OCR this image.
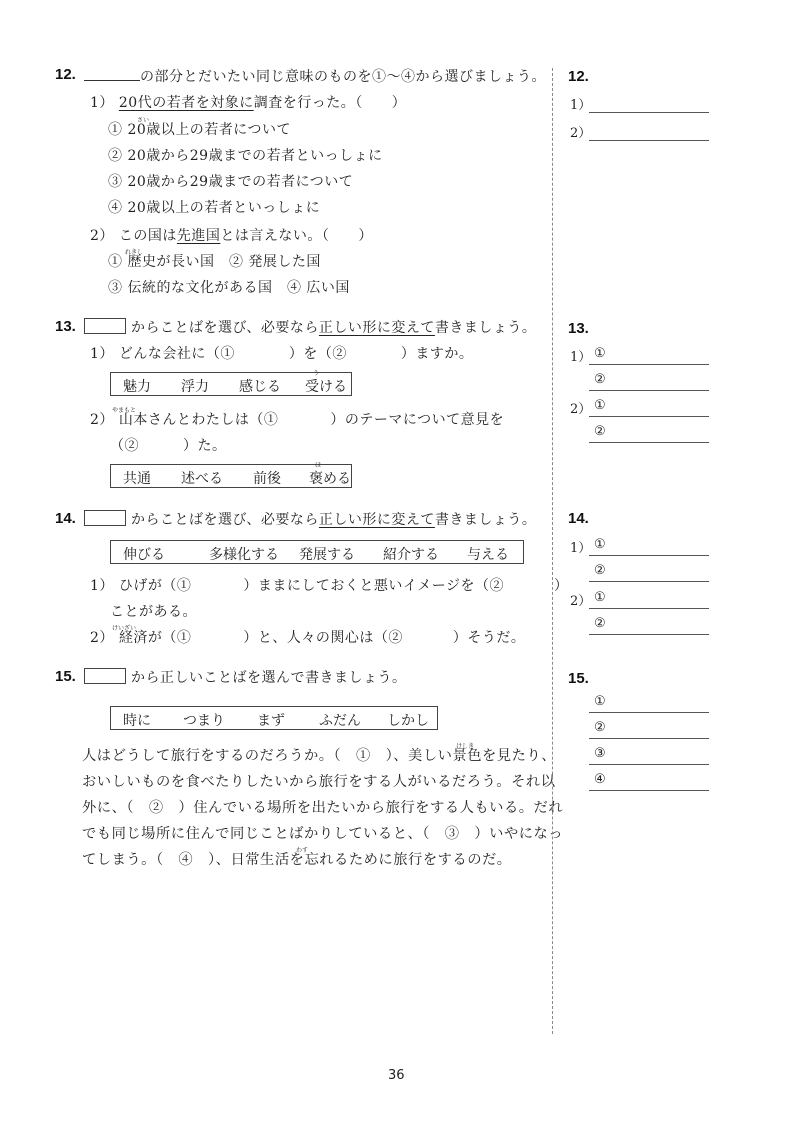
12.	の部分とだいたい同じ意味のものを①〜④から選びましょう。
1） 20代の若者を対象に調査を行った。（　　）
さい
① 20歳以上の若者について
② 20歳から29歳までの若者といっしょに
③ 20歳から29歳までの若者について
④ 20歳以上の若者といっしょに
2） この国は先進国とは言えない。（　　）
れきし
① 歴史が長い国　 ② 発展した国
③ 伝統的な文化がある国　 ④ 広い国
13.	からことばを選び、必要なら正しい形に変えて書きましょう。
1） どんな会社に（①	）を（②	）ますか。
魅力 浮力 感じる 受ける
う
やまもと
2） 山本さんとわたしは（①	）のテーマについて意見を
（②	）た。
共通 述べる 前後 褒める
ほ
14.	からことばを選び、必要なら正しい形に変えて書きましょう。
伸びる	多様化する 発展する 紹介する 与える
1） ひげが（①	）ままにしておくと悪いイメージを（②	）
ことがある。
けいざい
2） 経済が（①	）と、人々の関心は（②	）そうだ。
15.	から正しいことばを選んで書きましょう。
時に つまり まず ふだん しかし
けしき
人はどうして旅行をするのだろうか。（　①　）、美しい景色を見たり、
おいしいものを食べたりしたいから旅行をする人がいるだろう。それ以
外に、（　②　）住んでいる場所を出たいから旅行をする人もいる。だれ
でも同じ場所に住んで同じことばかりしていると、（　③　）いやになっ
わす
てしまう。（　④　）、日常生活を忘れるために旅行をするのだ。
12.
1）
2）
13.
1） ①
②
2） ①
②
14.
1） ①
②
2） ①
②
15.
①
②
③
④
36
